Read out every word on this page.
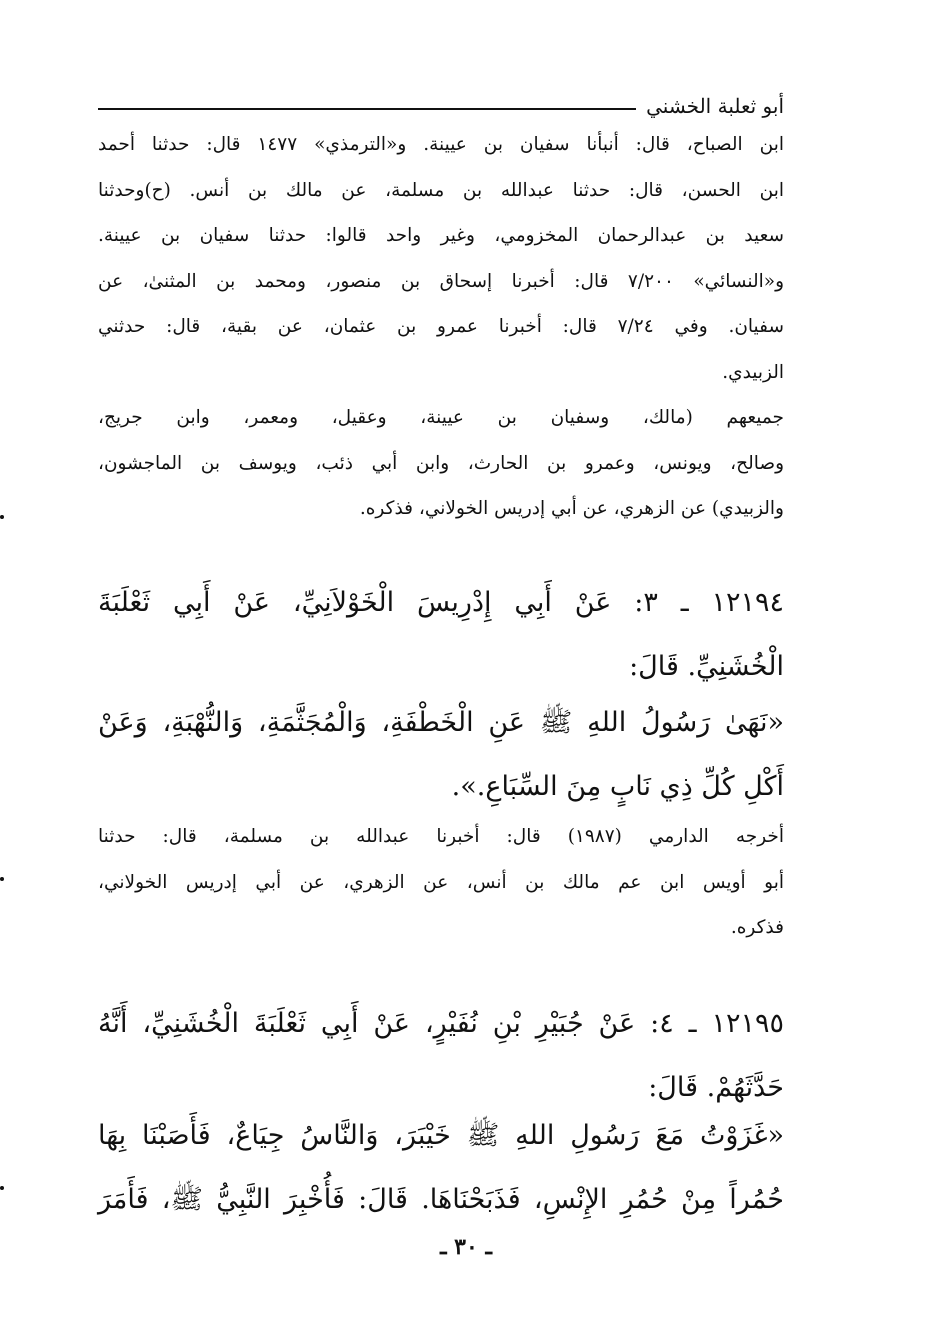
أبو ثعلبة الخشني
ابن الصباح، قال: أنبأنا سفيان بن عيينة. و«الترمذي» ١٤٧٧ قال: حدثنا أحمد
ابن الحسن، قال: حدثنا عبدالله بن مسلمة، عن مالك بن أنس. (ح)وحدثنا
سعيد بن عبدالرحمان المخزومي، وغير واحد قالوا: حدثنا سفيان بن عيينة.
و«النسائي» ٧/٢٠٠ قال: أخبرنا إسحاق بن منصور، ومحمد بن المثنىٰ، عن
سفيان. وفي ٧/٢٤ قال: أخبرنا عمرو بن عثمان، عن بقية، قال: حدثني
الزبيدي.
جميعهم (مالك، وسفيان بن عيينة، وعقيل، ومعمر، وابن جريج،
وصالح، ويونس، وعمرو بن الحارث، وابن أبي ذئب، ويوسف بن الماجشون،
والزبيدي) عن الزهري، عن أبي إدريس الخولاني، فذكره.
١٢١٩٤ ـ ٣: عَنْ أَبِي إِدْرِيسَ الْخَوْلاَنِيِّ، عَنْ أَبِي ثَعْلَبَةَ
الْخُشَنِيِّ. قَالَ:
«نَهَىٰ رَسُولُ اللهِ ﷺ عَنِ الْخَطْفَةِ، وَالْمُجَثَّمَةِ، وَالنُّهْبَةِ، وَعَنْ
أَكْلِ كُلِّ ذِي نَابٍ مِنَ السِّبَاعِ.».
أخرجه الدارمي (١٩٨٧) قال: أخبرنا عبدالله بن مسلمة، قال: حدثنا
أبو أويس ابن عم مالك بن أنس، عن الزهري، عن أبي إدريس الخولاني،
فذكره.
١٢١٩٥ ـ ٤: عَنْ جُبَيْرِ بْنِ نُفَيْرٍ، عَنْ أَبِي ثَعْلَبَةَ الْخُشَنِيِّ، أَنَّهُ
حَدَّثَهُمْ. قَالَ:
«غَزَوْتُ مَعَ رَسُولِ اللهِ ﷺ خَيْبَرَ، وَالنَّاسُ جِيَاعٌ، فَأَصَبْنَا بِهَا
حُمُراً مِنْ حُمُرِ الإِنْسِ، فَذَبَحْنَاهَا. قَالَ: فَأُخْبِرَ النَّبِيُّ ﷺ، فَأَمَرَ
ـ ٣٠ ـ
